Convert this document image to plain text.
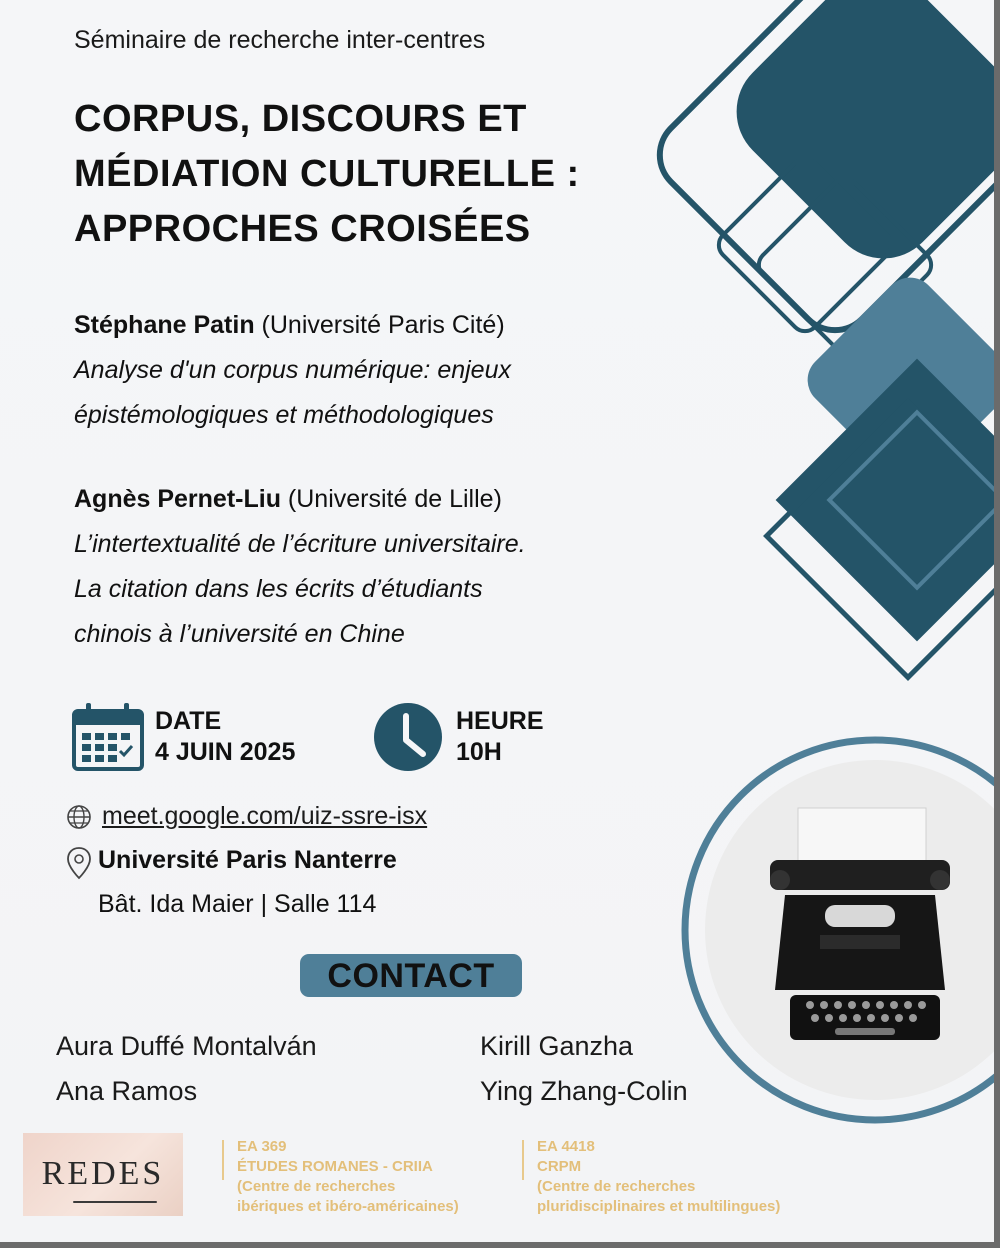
Séminaire de recherche inter-centres
CORPUS, DISCOURS ET
MÉDIATION CULTURELLE :
APPROCHES CROISÉES
Stéphane Patin (Université Paris Cité)
Analyse d'un corpus numérique: enjeux
épistémologiques et méthodologiques
Agnès Pernet-Liu (Université de Lille)
L’intertextualité de l’écriture universitaire.
La citation dans les écrits d’étudiants
chinois à l’université en Chine
DATE
4 JUIN 2025
HEURE
10H
meet.google.com/uiz-ssre-isx
Université Paris Nanterre
Bât. Ida Maier | Salle 114
CONTACT
Aura Duffé Montalván
Ana Ramos
Kirill Ganzha
Ying Zhang-Colin
REDES
EA 369
ÉTUDES ROMANES - CRIIA
(Centre de recherches
ibériques et ibéro-américaines)
EA 4418
CRPM
(Centre de recherches
pluridisciplinaires et multilingues)
